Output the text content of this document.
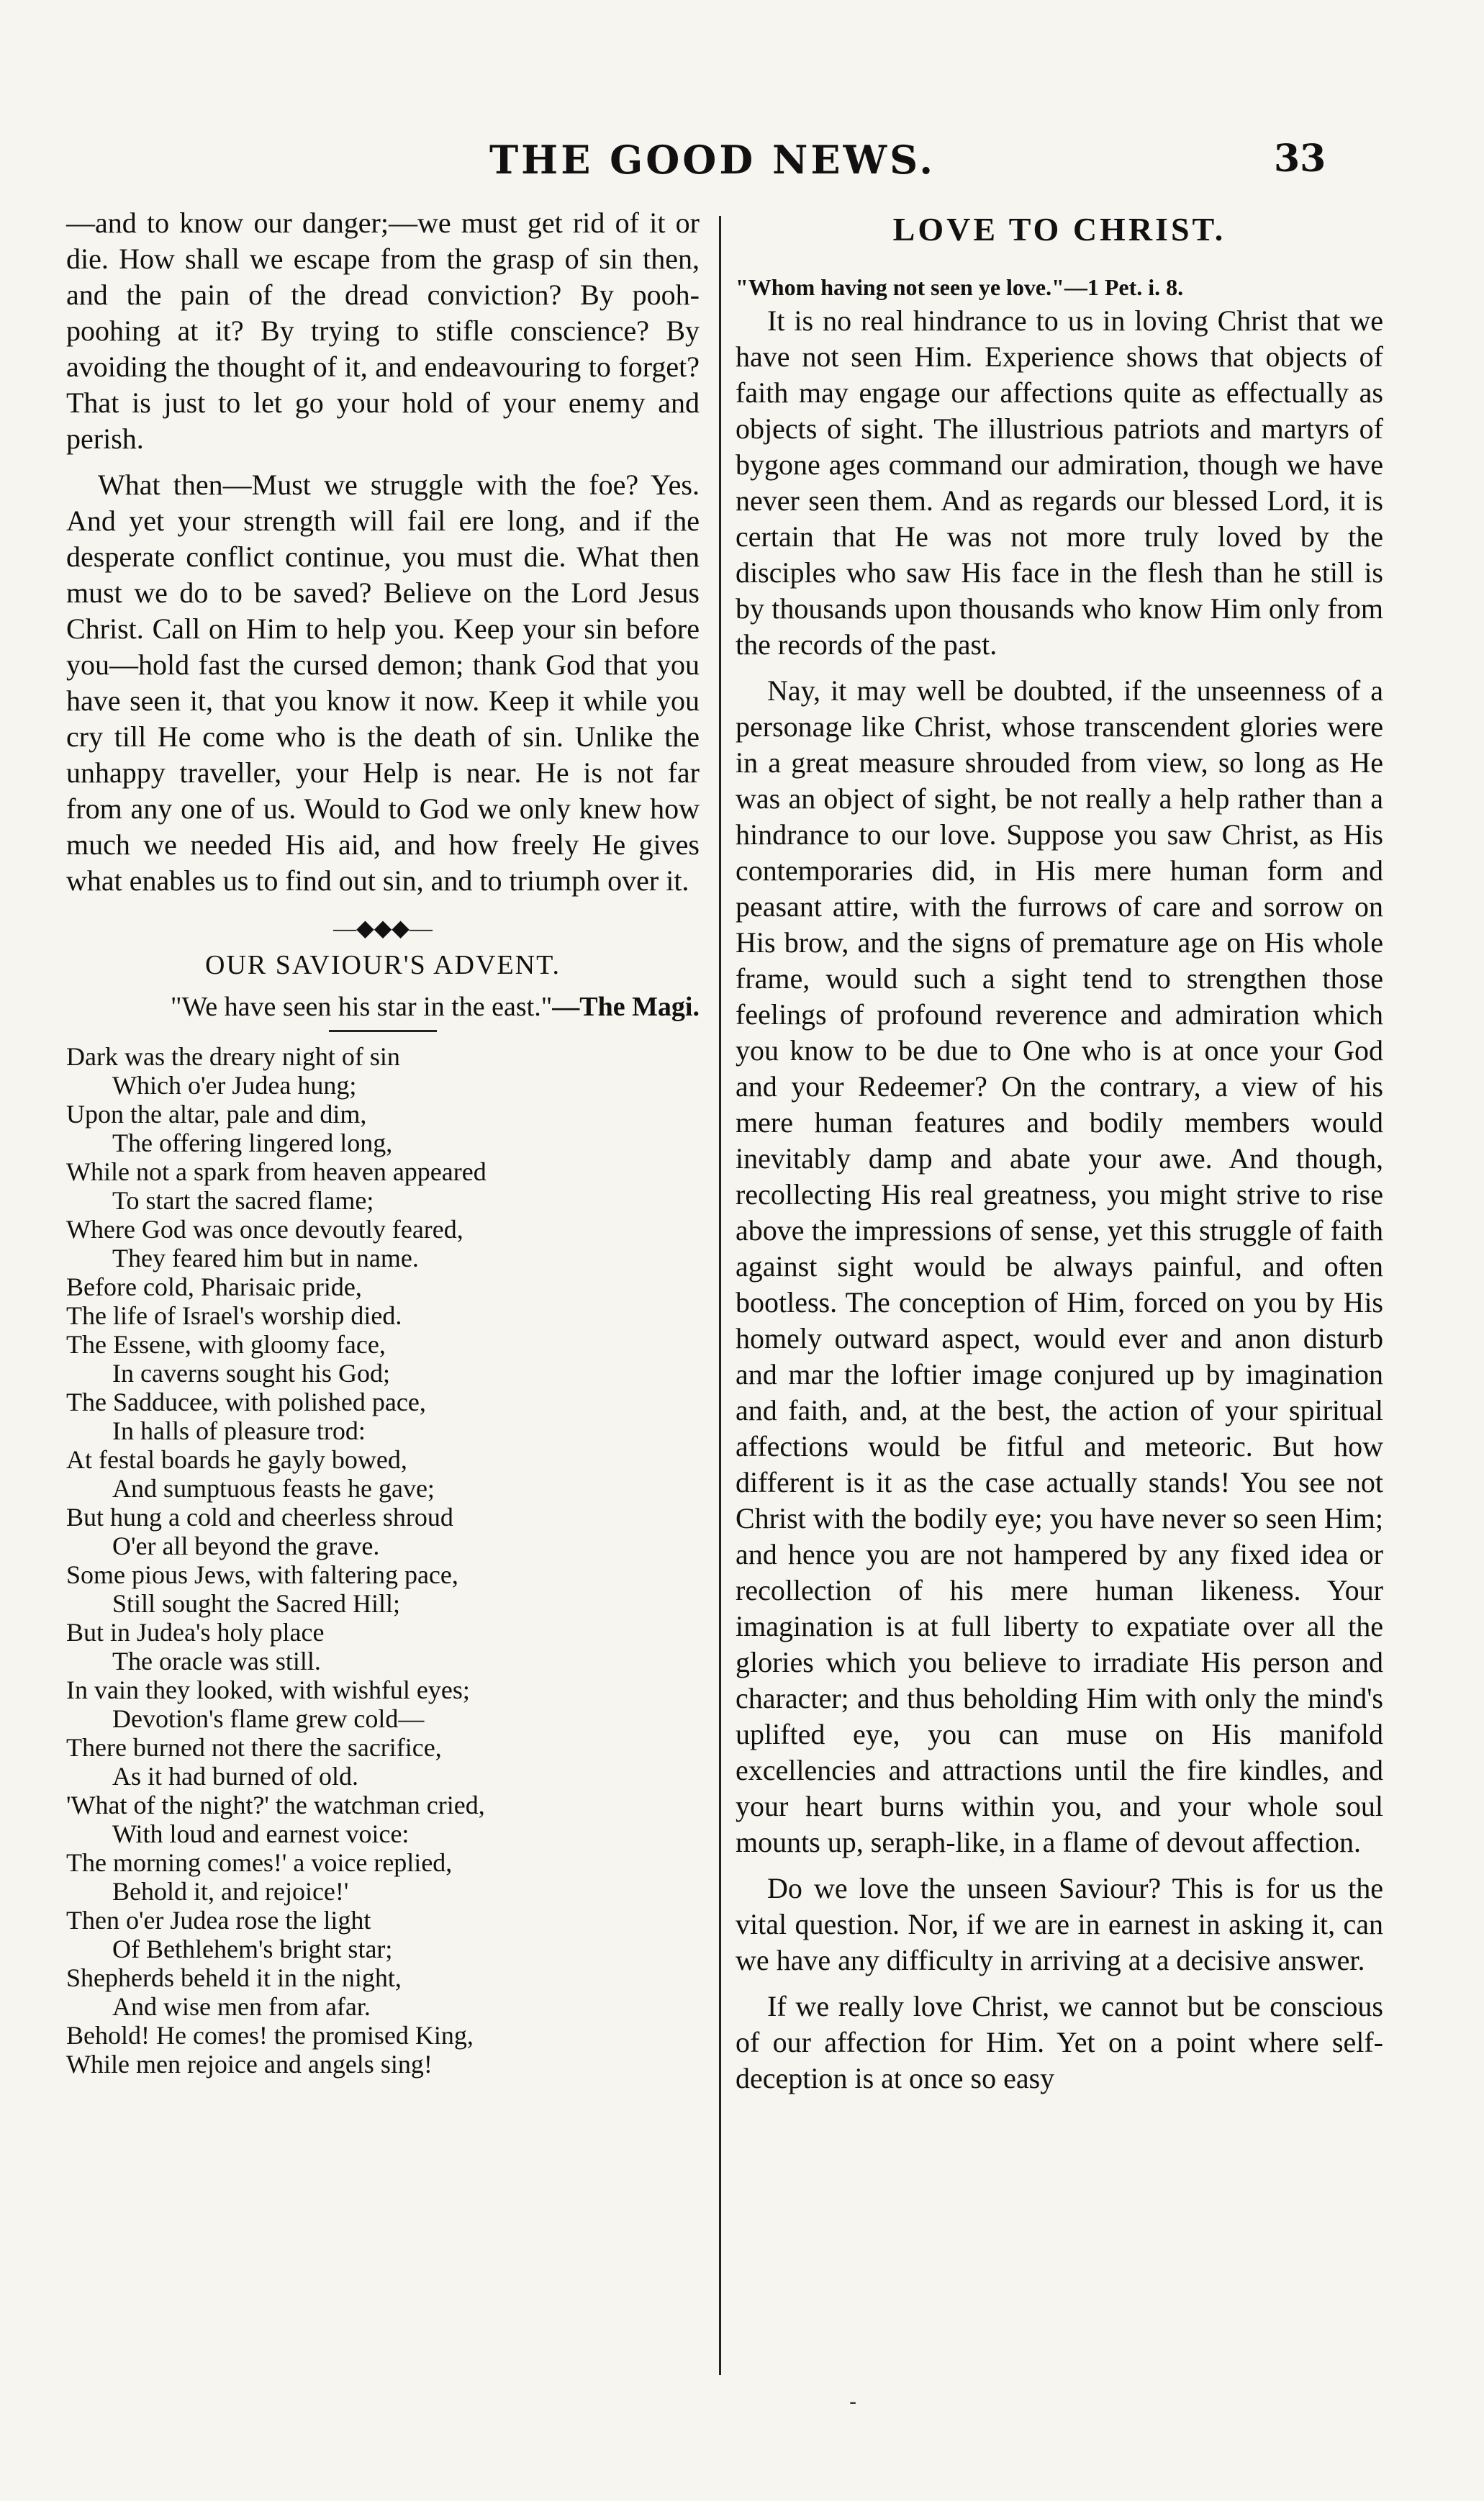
THE GOOD NEWS.	33

—and to know our danger;—we must get rid of it or die. How shall we escape from the grasp of sin then, and the pain of the dread conviction? By pooh-poohing at it? By trying to stifle conscience? By avoiding the thought of it, and endeavouring to forget? That is just to let go your hold of your enemy and perish.

What then—Must we struggle with the foe? Yes. And yet your strength will fail ere long, and if the desperate conflict continue, you must die. What then must we do to be saved? Believe on the Lord Jesus Christ. Call on Him to help you. Keep your sin before you—hold fast the cursed demon; thank God that you have seen it, that you know it now. Keep it while you cry till He come who is the death of sin. Unlike the unhappy traveller, your Help is near. He is not far from any one of us. Would to God we only knew how much we needed His aid, and how freely He gives what enables us to find out sin, and to triumph over it.

—◆◆◆—
OUR SAVIOUR'S ADVENT.

"We have seen his star in the east."—The Magi.

Dark was the dreary night of sin
Which o'er Judea hung;
Upon the altar, pale and dim,
The offering lingered long,
While not a spark from heaven appeared
To start the sacred flame;
Where God was once devoutly feared,
They feared him but in name.
Before cold, Pharisaic pride,
The life of Israel's worship died.
The Essene, with gloomy face,
In caverns sought his God;
The Sadducee, with polished pace,
In halls of pleasure trod:
At festal boards he gayly bowed,
And sumptuous feasts he gave;
But hung a cold and cheerless shroud
O'er all beyond the grave.
Some pious Jews, with faltering pace,
Still sought the Sacred Hill;
But in Judea's holy place
The oracle was still.
In vain they looked, with wishful eyes;
Devotion's flame grew cold—
There burned not there the sacrifice,
As it had burned of old.
'What of the night?' the watchman cried,
With loud and earnest voice:
The morning comes!' a voice replied,
Behold it, and rejoice!'
Then o'er Judea rose the light
Of Bethlehem's bright star;
Shepherds beheld it in the night,
And wise men from afar.
Behold! He comes! the promised King,
While men rejoice and angels sing!
LOVE TO CHRIST.

"Whom having not seen ye love."—1 Pet. i. 8.

It is no real hindrance to us in loving Christ that we have not seen Him. Experience shows that objects of faith may engage our affections quite as effectually as objects of sight. The illustrious patriots and martyrs of bygone ages command our admiration, though we have never seen them. And as regards our blessed Lord, it is certain that He was not more truly loved by the disciples who saw His face in the flesh than he still is by thousands upon thousands who know Him only from the records of the past.

Nay, it may well be doubted, if the unseenness of a personage like Christ, whose transcendent glories were in a great measure shrouded from view, so long as He was an object of sight, be not really a help rather than a hindrance to our love. Suppose you saw Christ, as His contemporaries did, in His mere human form and peasant attire, with the furrows of care and sorrow on His brow, and the signs of premature age on His whole frame, would such a sight tend to strengthen those feelings of profound reverence and admiration which you know to be due to One who is at once your God and your Redeemer? On the contrary, a view of his mere human features and bodily members would inevitably damp and abate your awe. And though, recollecting His real greatness, you might strive to rise above the impressions of sense, yet this struggle of faith against sight would be always painful, and often bootless. The conception of Him, forced on you by His homely outward aspect, would ever and anon disturb and mar the loftier image conjured up by imagination and faith, and, at the best, the action of your spiritual affections would be fitful and meteoric. But how different is it as the case actually stands! You see not Christ with the bodily eye; you have never so seen Him; and hence you are not hampered by any fixed idea or recollection of his mere human likeness. Your imagination is at full liberty to expatiate over all the glories which you believe to irradiate His person and character; and thus beholding Him with only the mind's uplifted eye, you can muse on His manifold excellencies and attractions until the fire kindles, and your heart burns within you, and your whole soul mounts up, seraph-like, in a flame of devout affection.

Do we love the unseen Saviour? This is for us the vital question. Nor, if we are in earnest in asking it, can we have any difficulty in arriving at a decisive answer.

If we really love Christ, we cannot but be conscious of our affection for Him. Yet on a point where self-deception is at once so easy

-
